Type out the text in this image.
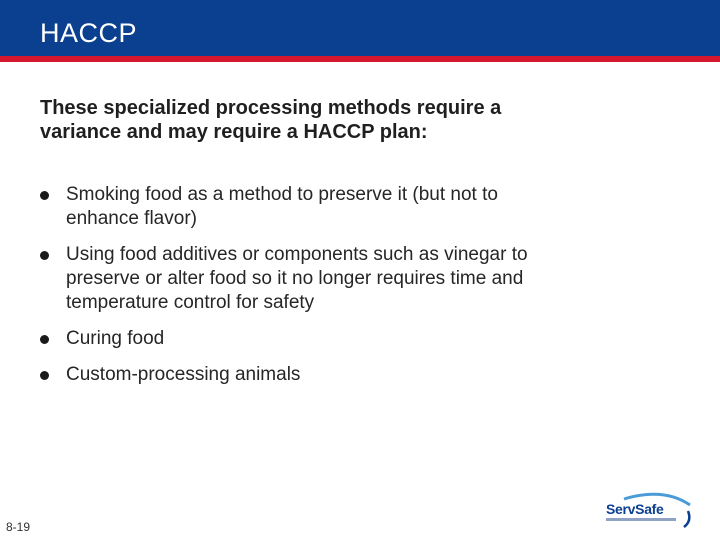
HACCP
These specialized processing methods require a variance and may require a HACCP plan:
Smoking food as a method to preserve it (but not to enhance flavor)
Using food additives or components such as vinegar to preserve or alter food so it no longer requires time and temperature control for safety
Curing food
Custom-processing animals
8-19
ServSafe
